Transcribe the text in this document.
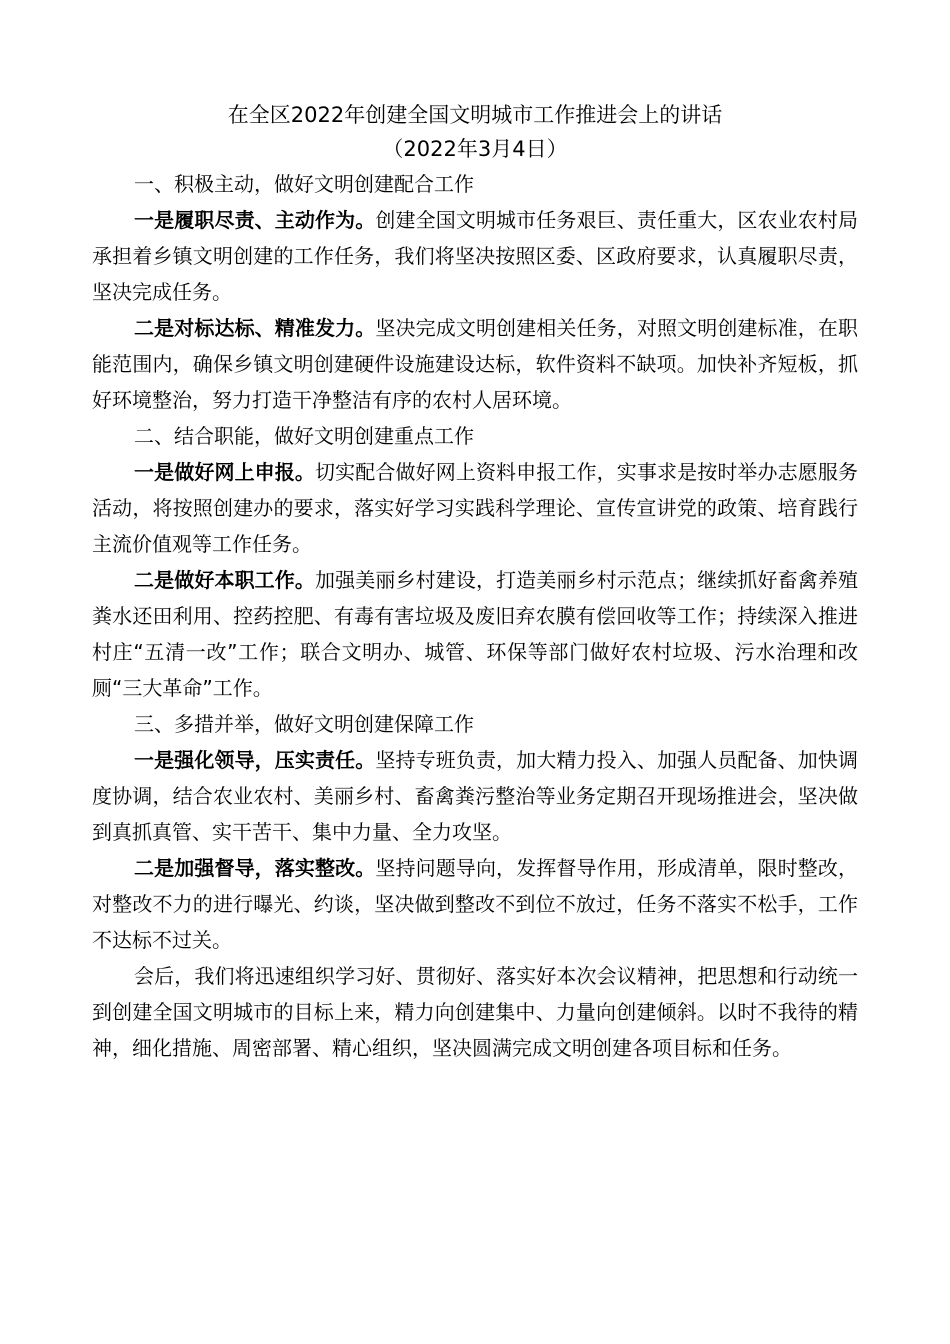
在全区2022年创建全国文明城市工作推进会上的讲话

（2022年3月4日）

一、积极主动，做好文明创建配合工作

一是履职尽责、主动作为。创建全国文明城市任务艰巨、责任重大，区农业农村局承担着乡镇文明创建的工作任务，我们将坚决按照区委、区政府要求，认真履职尽责，坚决完成任务。

二是对标达标、精准发力。坚决完成文明创建相关任务，对照文明创建标准，在职能范围内，确保乡镇文明创建硬件设施建设达标，软件资料不缺项。加快补齐短板，抓好环境整治，努力打造干净整洁有序的农村人居环境。

二、结合职能，做好文明创建重点工作

一是做好网上申报。切实配合做好网上资料申报工作，实事求是按时举办志愿服务活动，将按照创建办的要求，落实好学习实践科学理论、宣传宣讲党的政策、培育践行主流价值观等工作任务。

二是做好本职工作。加强美丽乡村建设，打造美丽乡村示范点；继续抓好畜禽养殖粪水还田利用、控药控肥、有毒有害垃圾及废旧弃农膜有偿回收等工作；持续深入推进村庄“五清一改”工作；联合文明办、城管、环保等部门做好农村垃圾、污水治理和改厕“三大革命”工作。

三、多措并举，做好文明创建保障工作

一是强化领导，压实责任。坚持专班负责，加大精力投入、加强人员配备、加快调度协调，结合农业农村、美丽乡村、畜禽粪污整治等业务定期召开现场推进会，坚决做到真抓真管、实干苦干、集中力量、全力攻坚。

二是加强督导，落实整改。坚持问题导向，发挥督导作用，形成清单，限时整改，对整改不力的进行曝光、约谈，坚决做到整改不到位不放过，任务不落实不松手，工作不达标不过关。

会后，我们将迅速组织学习好、贯彻好、落实好本次会议精神，把思想和行动统一到创建全国文明城市的目标上来，精力向创建集中、力量向创建倾斜。以时不我待的精神，细化措施、周密部署、精心组织，坚决圆满完成文明创建各项目标和任务。
